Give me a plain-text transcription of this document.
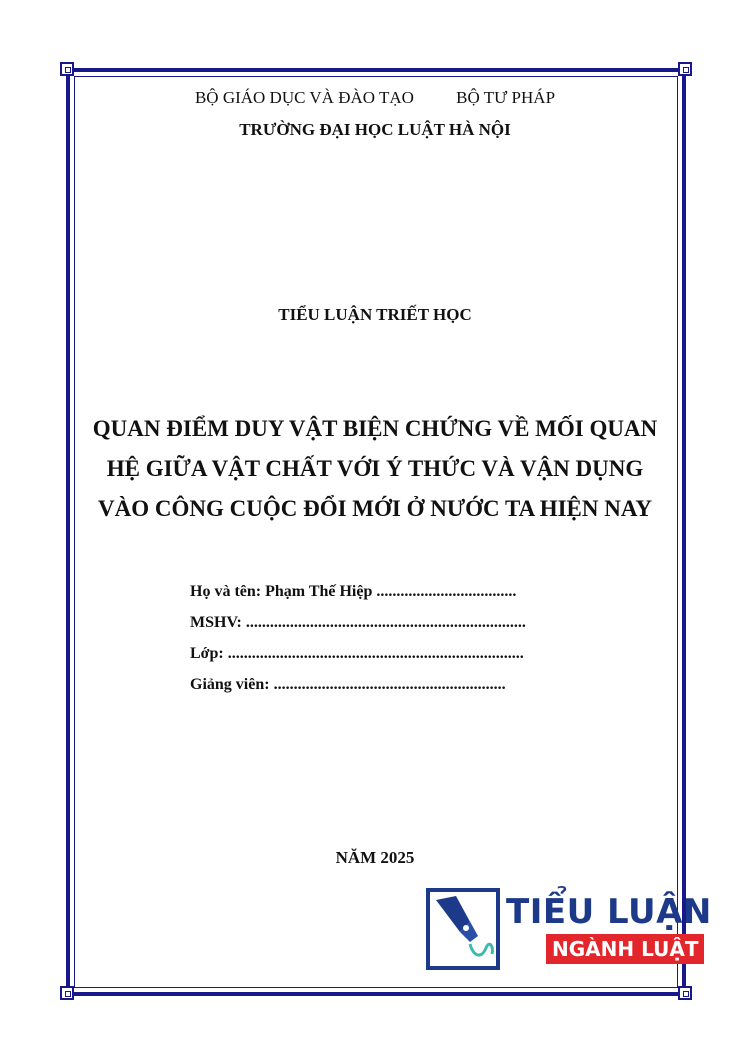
BỘ GIÁO DỤC VÀ ĐÀO TẠO BỘ TƯ PHÁP
TRƯỜNG ĐẠI HỌC LUẬT HÀ NỘI
TIỂU LUẬN TRIẾT HỌC
QUAN ĐIỂM DUY VẬT BIỆN CHỨNG VỀ MỐI QUAN
HỆ GIỮA VẬT CHẤT VỚI Ý THỨC VÀ VẬN DỤNG
VÀO CÔNG CUỘC ĐỔI MỚI Ở NƯỚC TA HIỆN NAY
Họ và tên: Phạm Thế Hiệp ...................................
MSHV: ......................................................................
Lớp: ..........................................................................
Giảng viên: ..........................................................
NĂM 2025
TIỂU LUẬN
NGÀNH LUẬT
